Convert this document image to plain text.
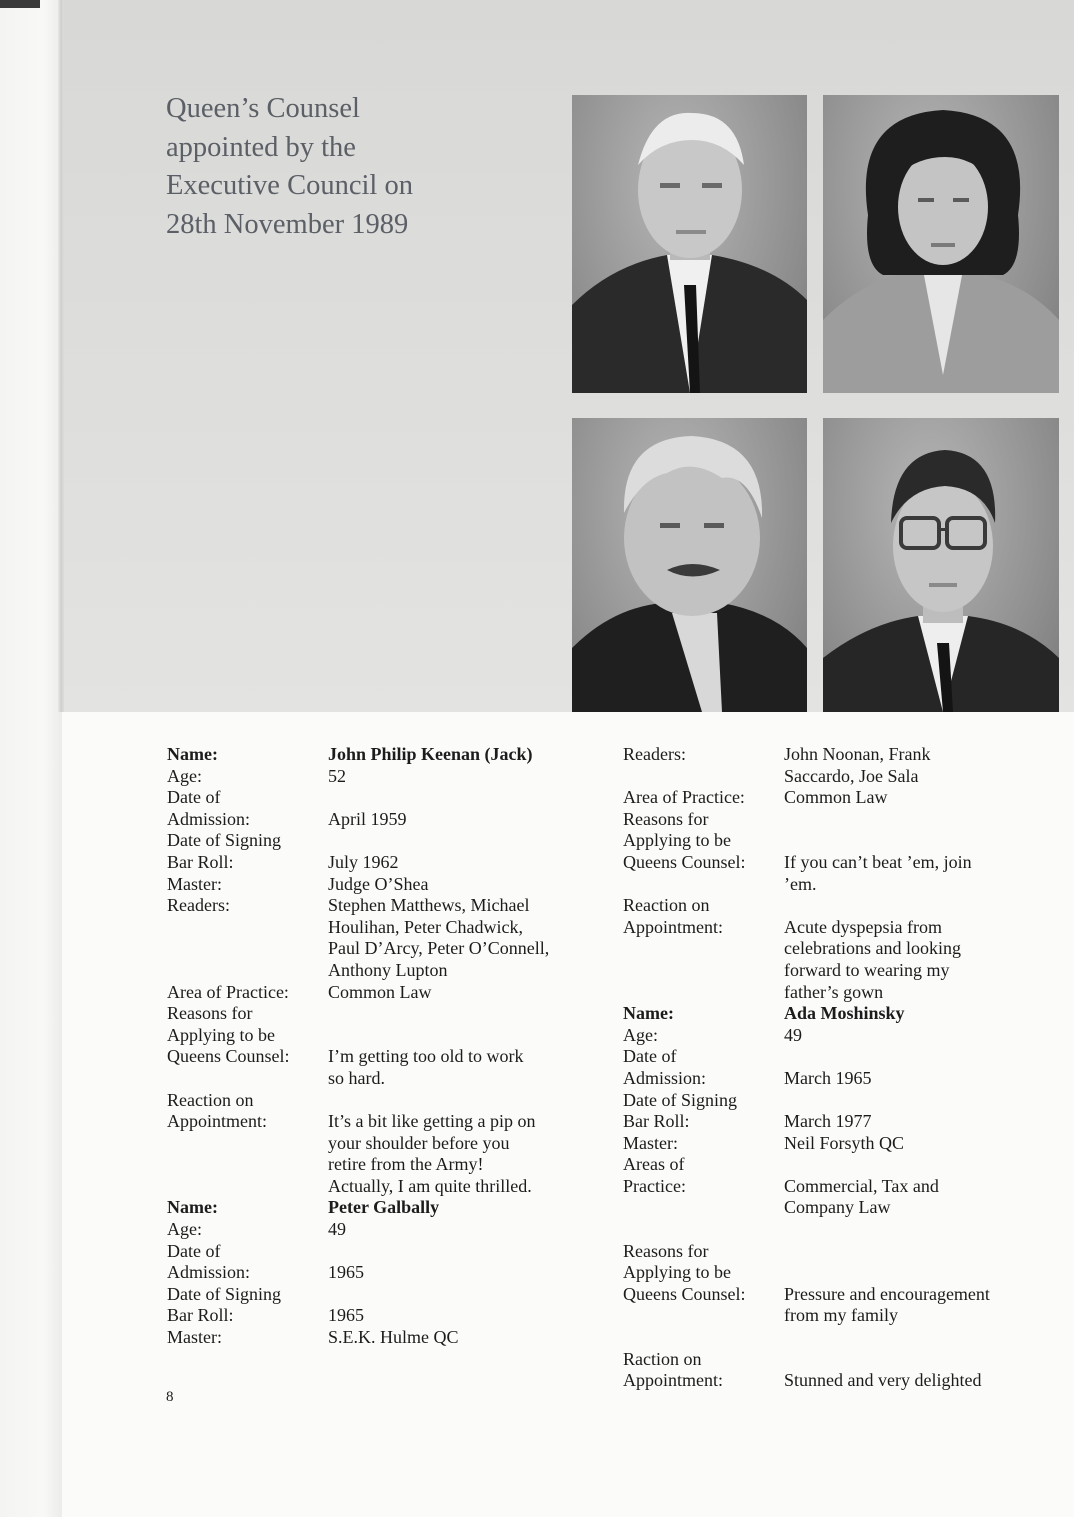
Queen’s Counsel
appointed by the
Executive Council on
28th November 1989
Name:	John Philip Keenan (Jack)
Age:	52
Date of
Admission:	April 1959
Date of Signing
Bar Roll:	July 1962
Master:	Judge O’Shea
Readers:	Stephen Matthews, Michael
Houlihan, Peter Chadwick,
Paul D’Arcy, Peter O’Connell,
Anthony Lupton
Area of Practice:	Common Law
Reasons for
Applying to be
Queens Counsel:	I’m getting too old to work
so hard.
Reaction on
Appointment:	It’s a bit like getting a pip on
your shoulder before you
retire from the Army!
Actually, I am quite thrilled.
Name:	Peter Galbally
Age:	49
Date of
Admission:	1965
Date of Signing
Bar Roll:	1965
Master:	S.E.K. Hulme QC
Readers:	John Noonan, Frank
Saccardo, Joe Sala
Area of Practice:	Common Law
Reasons for
Applying to be
Queens Counsel:	If you can’t beat ’em, join
’em.
Reaction on
Appointment:	Acute dyspepsia from
celebrations and looking
forward to wearing my
father’s gown
Name:	Ada Moshinsky
Age:	49
Date of
Admission:	March 1965
Date of Signing
Bar Roll:	March 1977
Master:	Neil Forsyth QC
Areas of
Practice:	Commercial, Tax and
Company Law
Reasons for
Applying to be
Queens Counsel:	Pressure and encouragement
from my family
Raction on
Appointment:	Stunned and very delighted
8
